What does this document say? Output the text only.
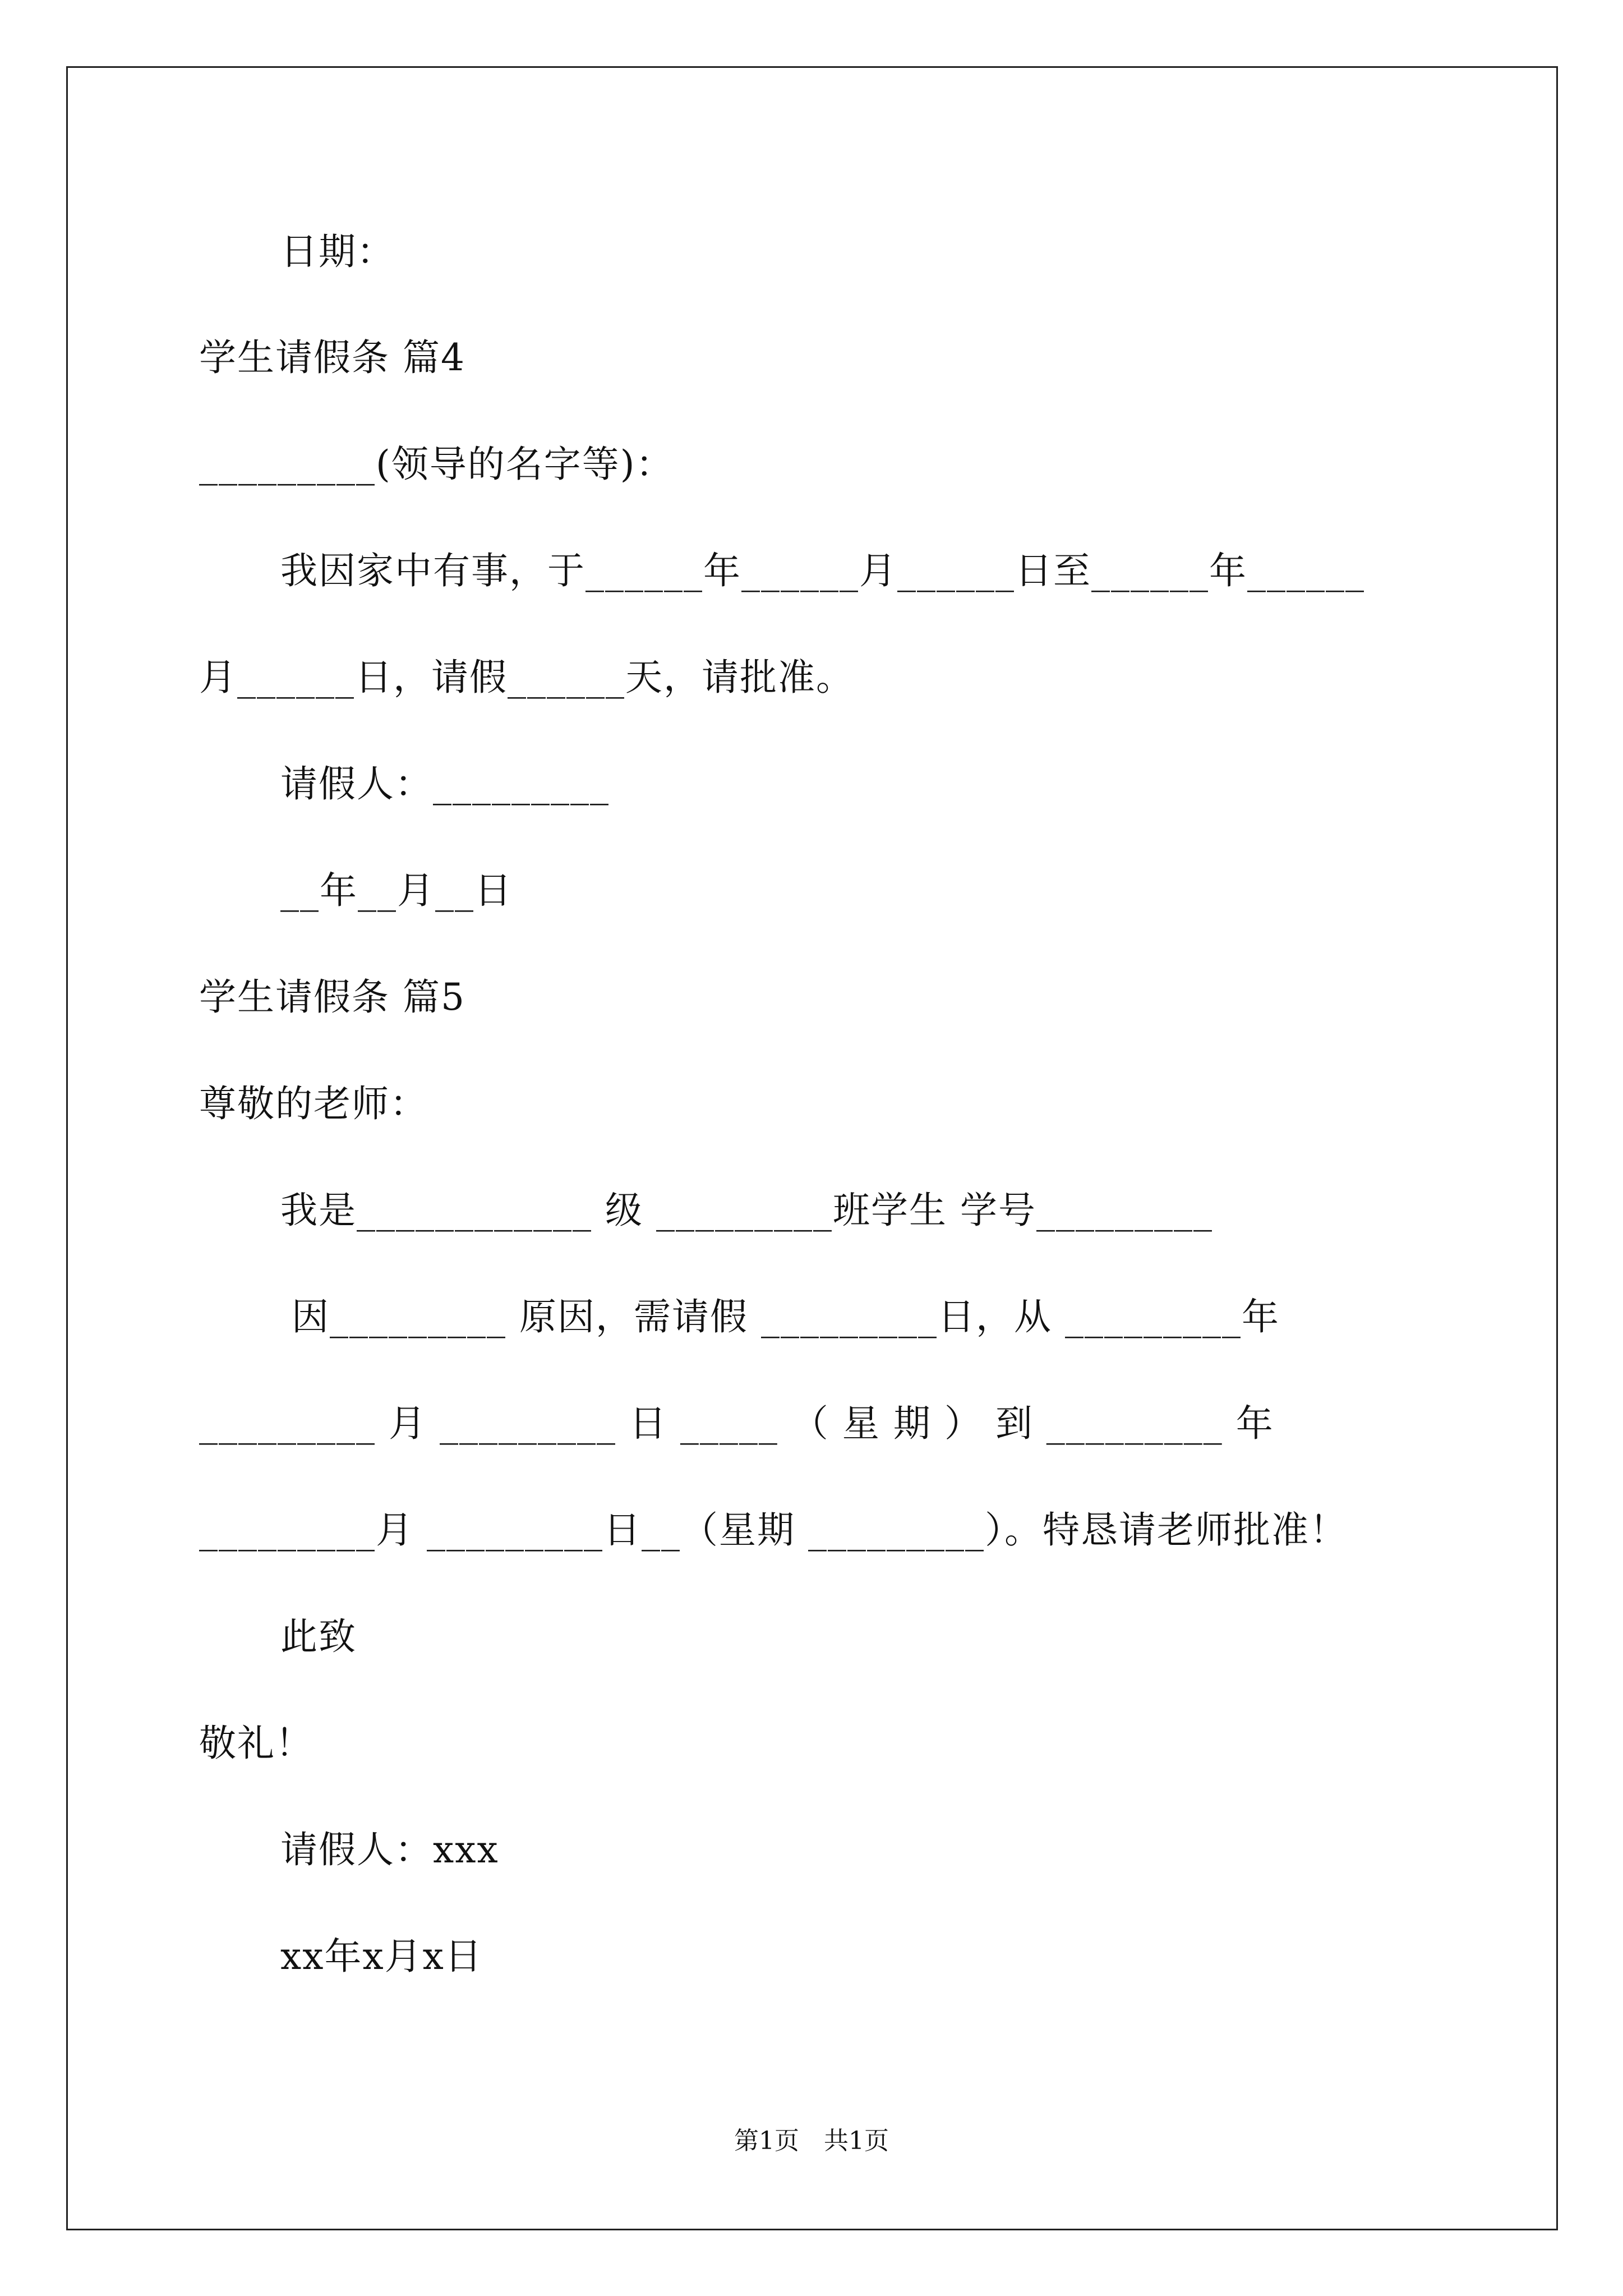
日期：
学生请假条 篇4
_________(领导的名字等)：
我因家中有事，于______年______月______日至______年______
月______日，请假______天，请批准。
请假人：_________
__年__月__日
学生请假条 篇5
尊敬的老师：
我是____________ 级 _________班学生 学号_________
因_________ 原因，需请假 _________日，从 _________年
_________ 月 _________ 日 _____ （ 星 期 ） 到 _________ 年
_________月 _________日__（星期 _________）。特恳请老师批准！
此致
敬礼！
请假人：xxx
xx年x月x日
第1页　共1页
